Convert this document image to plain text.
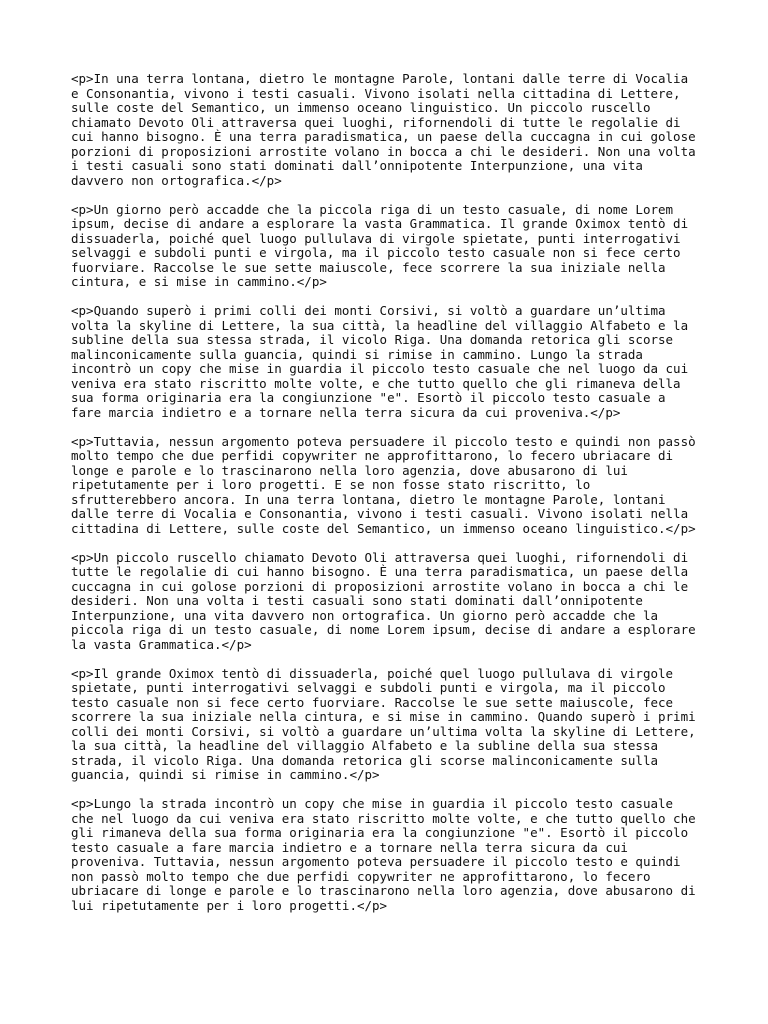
<p>In una terra lontana, dietro le montagne Parole, lontani dalle terre di Vocalia
e Consonantia, vivono i testi casuali. Vivono isolati nella cittadina di Lettere,
sulle coste del Semantico, un immenso oceano linguistico. Un piccolo ruscello
chiamato Devoto Oli attraversa quei luoghi, rifornendoli di tutte le regolalie di
cui hanno bisogno. È una terra paradismatica, un paese della cuccagna in cui golose
porzioni di proposizioni arrostite volano in bocca a chi le desideri. Non una volta
i testi casuali sono stati dominati dall’onnipotente Interpunzione, una vita
davvero non ortografica.</p>
<p>Un giorno però accadde che la piccola riga di un testo casuale, di nome Lorem
ipsum, decise di andare a esplorare la vasta Grammatica. Il grande Oximox tentò di
dissuaderla, poiché quel luogo pullulava di virgole spietate, punti interrogativi
selvaggi e subdoli punti e virgola, ma il piccolo testo casuale non si fece certo
fuorviare. Raccolse le sue sette maiuscole, fece scorrere la sua iniziale nella
cintura, e si mise in cammino.</p>
<p>Quando superò i primi colli dei monti Corsivi, si voltò a guardare un’ultima
volta la skyline di Lettere, la sua città, la headline del villaggio Alfabeto e la
subline della sua stessa strada, il vicolo Riga. Una domanda retorica gli scorse
malinconicamente sulla guancia, quindi si rimise in cammino. Lungo la strada
incontrò un copy che mise in guardia il piccolo testo casuale che nel luogo da cui
veniva era stato riscritto molte volte, e che tutto quello che gli rimaneva della
sua forma originaria era la congiunzione "e". Esortò il piccolo testo casuale a
fare marcia indietro e a tornare nella terra sicura da cui proveniva.</p>
<p>Tuttavia, nessun argomento poteva persuadere il piccolo testo e quindi non passò
molto tempo che due perfidi copywriter ne approfittarono, lo fecero ubriacare di
longe e parole e lo trascinarono nella loro agenzia, dove abusarono di lui
ripetutamente per i loro progetti. E se non fosse stato riscritto, lo
sfrutterebbero ancora. In una terra lontana, dietro le montagne Parole, lontani
dalle terre di Vocalia e Consonantia, vivono i testi casuali. Vivono isolati nella
cittadina di Lettere, sulle coste del Semantico, un immenso oceano linguistico.</p>
<p>Un piccolo ruscello chiamato Devoto Oli attraversa quei luoghi, rifornendoli di
tutte le regolalie di cui hanno bisogno. È una terra paradismatica, un paese della
cuccagna in cui golose porzioni di proposizioni arrostite volano in bocca a chi le
desideri. Non una volta i testi casuali sono stati dominati dall’onnipotente
Interpunzione, una vita davvero non ortografica. Un giorno però accadde che la
piccola riga di un testo casuale, di nome Lorem ipsum, decise di andare a esplorare
la vasta Grammatica.</p>
<p>Il grande Oximox tentò di dissuaderla, poiché quel luogo pullulava di virgole
spietate, punti interrogativi selvaggi e subdoli punti e virgola, ma il piccolo
testo casuale non si fece certo fuorviare. Raccolse le sue sette maiuscole, fece
scorrere la sua iniziale nella cintura, e si mise in cammino. Quando superò i primi
colli dei monti Corsivi, si voltò a guardare un’ultima volta la skyline di Lettere,
la sua città, la headline del villaggio Alfabeto e la subline della sua stessa
strada, il vicolo Riga. Una domanda retorica gli scorse malinconicamente sulla
guancia, quindi si rimise in cammino.</p>
<p>Lungo la strada incontrò un copy che mise in guardia il piccolo testo casuale
che nel luogo da cui veniva era stato riscritto molte volte, e che tutto quello che
gli rimaneva della sua forma originaria era la congiunzione "e". Esortò il piccolo
testo casuale a fare marcia indietro e a tornare nella terra sicura da cui
proveniva. Tuttavia, nessun argomento poteva persuadere il piccolo testo e quindi
non passò molto tempo che due perfidi copywriter ne approfittarono, lo fecero
ubriacare di longe e parole e lo trascinarono nella loro agenzia, dove abusarono di
lui ripetutamente per i loro progetti.</p>
